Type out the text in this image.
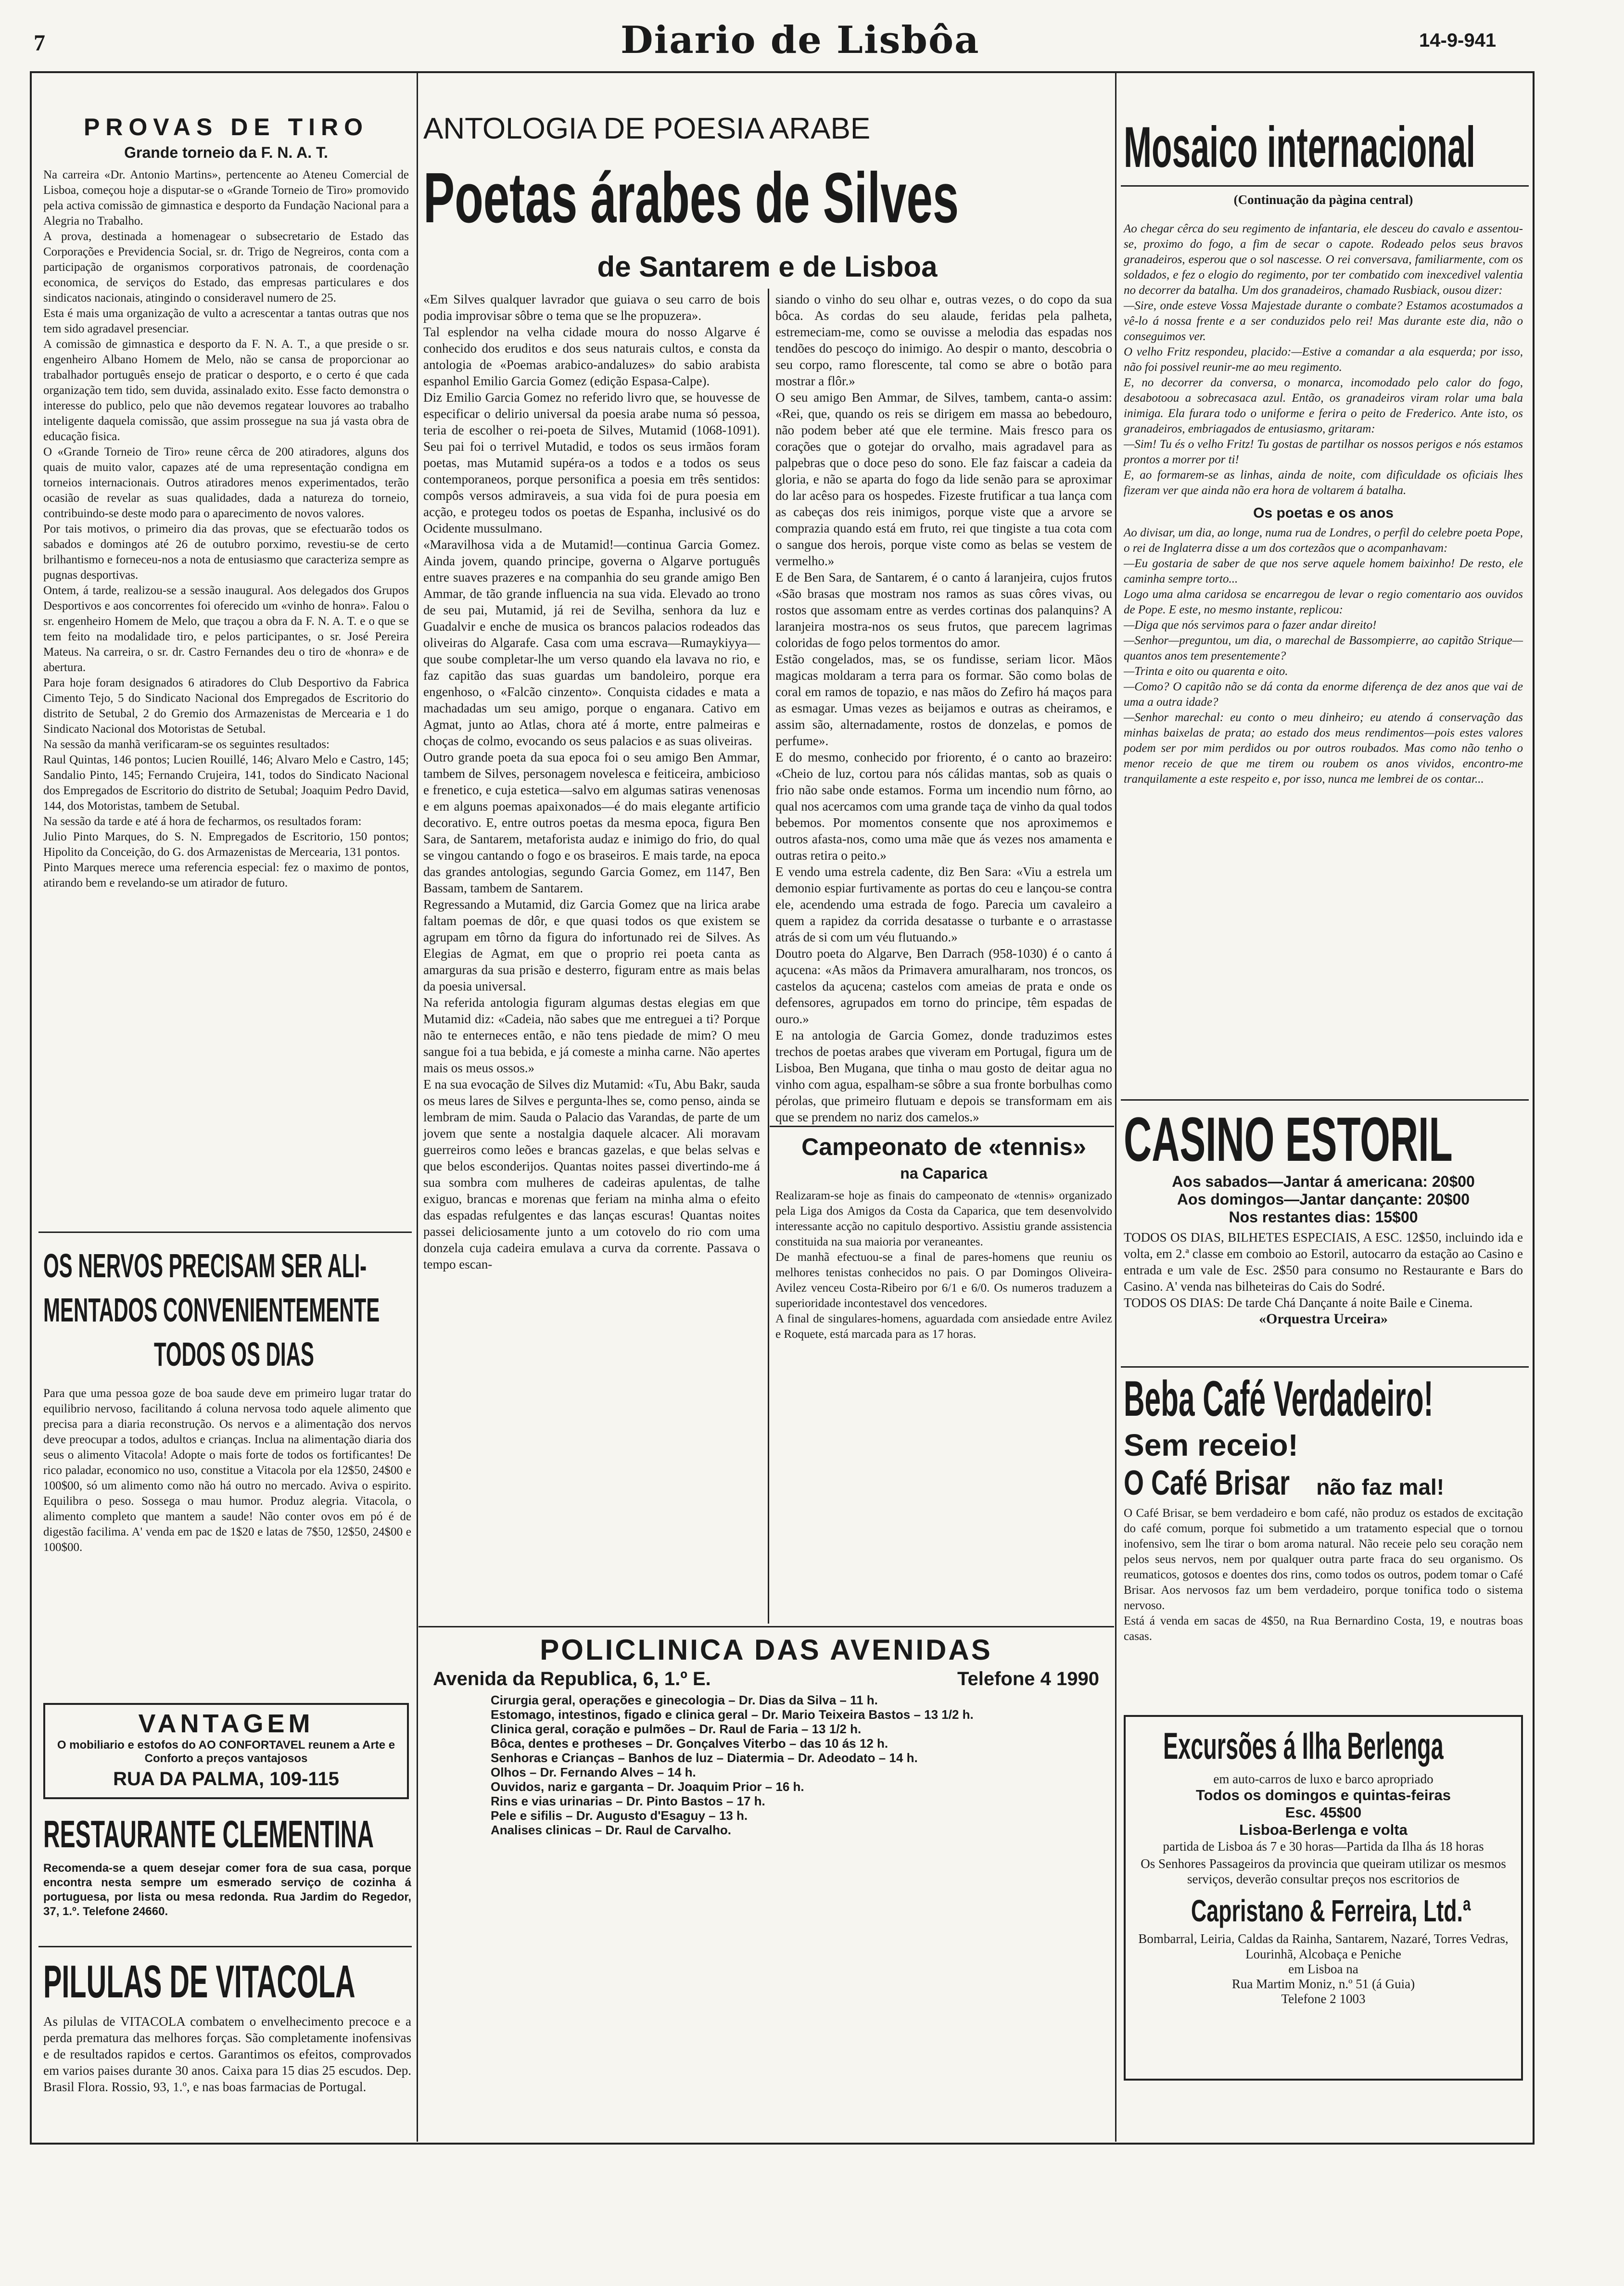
7	Diario de Lisbôa	14-9-941
PROVAS DE TIRO
Grande torneio da F. N. A. T.

Na carreira «Dr. Antonio Martins», pertencente ao Ateneu Comercial de Lisboa, começou hoje a disputar-se o «Grande Torneio de Tiro» promovido pela activa comissão de gimnastica e desporto da Fundação Nacional para a Alegria no Trabalho.

A prova, destinada a homenagear o subsecretario de Estado das Corporações e Previdencia Social, sr. dr. Trigo de Negreiros, conta com a participação de organismos corporativos patronais, de coordenação economica, de serviços do Estado, das empresas particulares e dos sindicatos nacionais, atingindo o consideravel numero de 25.

Esta é mais uma organização de vulto a acrescentar a tantas outras que nos tem sido agradavel presenciar.

A comissão de gimnastica e desporto da F. N. A. T., a que preside o sr. engenheiro Albano Homem de Melo, não se cansa de proporcionar ao trabalhador português ensejo de praticar o desporto, e o certo é que cada organização tem tido, sem duvida, assinalado exito. Esse facto demonstra o interesse do publico, pelo que não devemos regatear louvores ao trabalho inteligente daquela comissão, que assim prossegue na sua já vasta obra de educação fisica.

O «Grande Torneio de Tiro» reune cêrca de 200 atiradores, alguns dos quais de muito valor, capazes até de uma representação condigna em torneios internacionais. Outros atiradores menos experimentados, terão ocasião de revelar as suas qualidades, dada a natureza do torneio, contribuindo-se deste modo para o aparecimento de novos valores.

Por tais motivos, o primeiro dia das provas, que se efectuarão todos os sabados e domingos até 26 de outubro porximo, revestiu-se de certo brilhantismo e forneceu-nos a nota de entusiasmo que caracteriza sempre as pugnas desportivas.

Ontem, á tarde, realizou-se a sessão inaugural. Aos delegados dos Grupos Desportivos e aos concorrentes foi oferecido um «vinho de honra». Falou o sr. engenheiro Homem de Melo, que traçou a obra da F. N. A. T. e o que se tem feito na modalidade tiro, e pelos participantes, o sr. José Pereira Mateus. Na carreira, o sr. dr. Castro Fernandes deu o tiro de «honra» e de abertura.

Para hoje foram designados 6 atiradores do Club Desportivo da Fabrica Cimento Tejo, 5 do Sindicato Nacional dos Empregados de Escritorio do distrito de Setubal, 2 do Gremio dos Armazenistas de Mercearia e 1 do Sindicato Nacional dos Motoristas de Setubal.

Na sessão da manhã verificaram-se os seguintes resultados:

Raul Quintas, 146 pontos; Lucien Rouillé, 146; Alvaro Melo e Castro, 145; Sandalio Pinto, 145; Fernando Crujeira, 141, todos do Sindicato Nacional dos Empregados de Escritorio do distrito de Setubal; Joaquim Pedro David, 144, dos Motoristas, tambem de Setubal.

Na sessão da tarde e até á hora de fecharmos, os resultados foram:

Julio Pinto Marques, do S. N. Empregados de Escritorio, 150 pontos; Hipolito da Conceição, do G. dos Armazenistas de Mercearia, 131 pontos.

Pinto Marques merece uma referencia especial: fez o maximo de pontos, atirando bem e revelando-se um atirador de futuro.

OS NERVOS PRECISAM SER ALI-
MENTADOS CONVENIENTEMENTE
TODOS OS DIAS

Para que uma pessoa goze de boa saude deve em primeiro lugar tratar do equilibrio nervoso, facilitando á coluna nervosa todo aquele alimento que precisa para a diaria reconstrução. Os nervos e a alimentação dos nervos deve preocupar a todos, adultos e crianças. Inclua na alimentação diaria dos seus o alimento Vitacola! Adopte o mais forte de todos os fortificantes! De rico paladar, economico no uso, constitue a Vitacola por ela 12$50, 24$00 e 100$00, só um alimento como não há outro no mercado. Aviva o espirito. Equilibra o peso. Sossega o mau humor. Produz alegria. Vitacola, o alimento completo que mantem a saude! Não conter ovos em pó é de digestão facilima. A' venda em pac de 1$20 e latas de 7$50, 12$50, 24$00 e 100$00.

VANTAGEM
O mobiliario e estofos do AO CONFORTAVEL reunem a Arte e Conforto a preços vantajosos
RUA DA PALMA, 109-115
RESTAURANTE CLEMENTINA

Recomenda-se a quem desejar comer fora de sua casa, porque encontra nesta sempre um esmerado serviço de cozinha á portuguesa, por lista ou mesa redonda. Rua Jardim do Regedor, 37, 1.º. Telefone 24660.

PILULAS DE VITACOLA

As pilulas de VITACOLA combatem o envelhecimento precoce e a perda prematura das melhores forças. São completamente inofensivas e de resultados rapidos e certos. Garantimos os efeitos, comprovados em varios paises durante 30 anos. Caixa para 15 dias 25 escudos. Dep. Brasil Flora. Rossio, 93, 1.º, e nas boas farmacias de Portugal.

ANTOLOGIA DE POESIA ARABE
Poetas árabes de Silves
de Santarem e de Lisboa

«Em Silves qualquer lavrador que guiava o seu carro de bois podia improvisar sôbre o tema que se lhe propuzera».

Tal esplendor na velha cidade moura do nosso Algarve é conhecido dos eruditos e dos seus naturais cultos, e consta da antologia de «Poemas arabico-andaluzes» do sabio arabista espanhol Emilio Garcia Gomez (edição Espasa-Calpe).

Diz Emilio Garcia Gomez no referido livro que, se houvesse de especificar o delirio universal da poesia arabe numa só pessoa, teria de escolher o rei-poeta de Silves, Mutamid (1068-1091). Seu pai foi o terrivel Mutadid, e todos os seus irmãos foram poetas, mas Mutamid supéra-os a todos e a todos os seus contemporaneos, porque personifica a poesia em três sentidos: compôs versos admiraveis, a sua vida foi de pura poesia em acção, e protegeu todos os poetas de Espanha, inclusivé os do Ocidente mussulmano.

«Maravilhosa vida a de Mutamid!—continua Garcia Gomez. Ainda jovem, quando principe, governa o Algarve português entre suaves prazeres e na companhia do seu grande amigo Ben Ammar, de tão grande influencia na sua vida. Elevado ao trono de seu pai, Mutamid, já rei de Sevilha, senhora da luz e Guadalvir e enche de musica os brancos palacios rodeados das oliveiras do Algarafe. Casa com uma escrava—Rumaykiyya—que soube completar-lhe um verso quando ela lavava no rio, e faz capitão das suas guardas um bandoleiro, porque era engenhoso, o «Falcão cinzento». Conquista cidades e mata a machadadas um seu amigo, porque o enganara. Cativo em Agmat, junto ao Atlas, chora até á morte, entre palmeiras e choças de colmo, evocando os seus palacios e as suas oliveiras.

Outro grande poeta da sua epoca foi o seu amigo Ben Ammar, tambem de Silves, personagem novelesca e feiticeira, ambicioso e frenetico, e cuja estetica—salvo em algumas satiras venenosas e em alguns poemas apaixonados—é do mais elegante artificio decorativo. E, entre outros poetas da mesma epoca, figura Ben Sara, de Santarem, metaforista audaz e inimigo do frio, do qual se vingou cantando o fogo e os braseiros. E mais tarde, na epoca das grandes antologias, segundo Garcia Gomez, em 1147, Ben Bassam, tambem de Santarem.

Regressando a Mutamid, diz Garcia Gomez que na lirica arabe faltam poemas de dôr, e que quasi todos os que existem se agrupam em tôrno da figura do infortunado rei de Silves. As Elegias de Agmat, em que o proprio rei poeta canta as amarguras da sua prisão e desterro, figuram entre as mais belas da poesia universal.

Na referida antologia figuram algumas destas elegias em que Mutamid diz: «Cadeia, não sabes que me entreguei a ti? Porque não te enterneces então, e não tens piedade de mim? O meu sangue foi a tua bebida, e já comeste a minha carne. Não apertes mais os meus ossos.»

E na sua evocação de Silves diz Mutamid: «Tu, Abu Bakr, sauda os meus lares de Silves e pergunta-lhes se, como penso, ainda se lembram de mim. Sauda o Palacio das Varandas, de parte de um jovem que sente a nostalgia daquele alcacer. Ali moravam guerreiros como leões e brancas gazelas, e que belas selvas e que belos esconderijos. Quantas noites passei divertindo-me á sua sombra com mulheres de cadeiras apulentas, de talhe exiguo, brancas e morenas que feriam na minha alma o efeito das espadas refulgentes e das lanças escuras! Quantas noites passei deliciosamente junto a um cotovelo do rio com uma donzela cuja cadeira emulava a curva da corrente. Passava o tempo escan-

siando o vinho do seu olhar e, outras vezes, o do copo da sua bôca. As cordas do seu alaude, feridas pela palheta, estremeciam-me, como se ouvisse a melodia das espadas nos tendões do pescoço do inimigo. Ao despir o manto, descobria o seu corpo, ramo florescente, tal como se abre o botão para mostrar a flôr.»

O seu amigo Ben Ammar, de Silves, tambem, canta-o assim: «Rei, que, quando os reis se dirigem em massa ao bebedouro, não podem beber até que ele termine. Mais fresco para os corações que o gotejar do orvalho, mais agradavel para as palpebras que o doce peso do sono. Ele faz faiscar a cadeia da gloria, e não se aparta do fogo da lide senão para se aproximar do lar acêso para os hospedes. Fizeste frutificar a tua lança com as cabeças dos reis inimigos, porque viste que a arvore se comprazia quando está em fruto, rei que tingiste a tua cota com o sangue dos herois, porque viste como as belas se vestem de vermelho.»

E de Ben Sara, de Santarem, é o canto á laranjeira, cujos frutos «São brasas que mostram nos ramos as suas côres vivas, ou rostos que assomam entre as verdes cortinas dos palanquins? A laranjeira mostra-nos os seus frutos, que parecem lagrimas coloridas de fogo pelos tormentos do amor.

Estão congelados, mas, se os fundisse, seriam licor. Mãos magicas moldaram a terra para os formar. São como bolas de coral em ramos de topazio, e nas mãos do Zefiro há maços para as esmagar. Umas vezes as beijamos e outras as cheiramos, e assim são, alternadamente, rostos de donzelas, e pomos de perfume».

E do mesmo, conhecido por friorento, é o canto ao brazeiro: «Cheio de luz, cortou para nós cálidas mantas, sob as quais o frio não sabe onde estamos. Forma um incendio num fôrno, ao qual nos acercamos com uma grande taça de vinho da qual todos bebemos. Por momentos consente que nos aproximemos e outros afasta-nos, como uma mãe que ás vezes nos amamenta e outras retira o peito.»

E vendo uma estrela cadente, diz Ben Sara: «Viu a estrela um demonio espiar furtivamente as portas do ceu e lançou-se contra ele, acendendo uma estrada de fogo. Parecia um cavaleiro a quem a rapidez da corrida desatasse o turbante e o arrastasse atrás de si com um véu flutuando.»

Doutro poeta do Algarve, Ben Darrach (958-1030) é o canto á açucena: «As mãos da Primavera amuralharam, nos troncos, os castelos da açucena; castelos com ameias de prata e onde os defensores, agrupados em torno do principe, têm espadas de ouro.»

E na antologia de Garcia Gomez, donde traduzimos estes trechos de poetas arabes que viveram em Portugal, figura um de Lisboa, Ben Mugana, que tinha o mau gosto de deitar agua no vinho com agua, espalham-se sôbre a sua fronte borbulhas como pérolas, que primeiro flutuam e depois se transformam em ais que se prendem no nariz dos camelos.»

Campeonato de «tennis»
na Caparica

Realizaram-se hoje as finais do campeonato de «tennis» organizado pela Liga dos Amigos da Costa da Caparica, que tem desenvolvido interessante acção no capitulo desportivo. Assistiu grande assistencia constituida na sua maioria por veraneantes.

De manhã efectuou-se a final de pares-homens que reuniu os melhores tenistas conhecidos no pais. O par Domingos Oliveira-Avilez venceu Costa-Ribeiro por 6/1 e 6/0. Os numeros traduzem a superioridade incontestavel dos vencedores.

A final de singulares-homens, aguardada com ansiedade entre Avilez e Roquete, está marcada para as 17 horas.

POLICLINICA DAS AVENIDAS
Avenida da Republica, 6, 1.º E.	Telefone 4 1990
Cirurgia geral, operações e ginecologia – Dr. Dias da Silva – 11 h.
Estomago, intestinos, figado e clinica geral – Dr. Mario Teixeira Bastos – 13 1/2 h.
Clinica geral, coração e pulmões – Dr. Raul de Faria – 13 1/2 h.
Bôca, dentes e protheses – Dr. Gonçalves Viterbo – das 10 ás 12 h.
Senhoras e Crianças – Banhos de luz – Diatermia – Dr. Adeodato – 14 h.
Olhos – Dr. Fernando Alves – 14 h.
Ouvidos, nariz e garganta – Dr. Joaquim Prior – 16 h.
Rins e vias urinarias – Dr. Pinto Bastos – 17 h.
Pele e sifilis – Dr. Augusto d'Esaguy – 13 h.
Analises clinicas – Dr. Raul de Carvalho.
Mosaico internacional
(Continuação da pàgina central)

Ao chegar cêrca do seu regimento de infantaria, ele desceu do cavalo e assentou-se, proximo do fogo, a fim de secar o capote. Rodeado pelos seus bravos granadeiros, esperou que o sol nascesse. O rei conversava, familiarmente, com os soldados, e fez o elogio do regimento, por ter combatido com inexcedivel valentia no decorrer da batalha. Um dos granadeiros, chamado Rusbiack, ousou dizer:

—Sire, onde esteve Vossa Majestade durante o combate? Estamos acostumados a vê-lo á nossa frente e a ser conduzidos pelo rei! Mas durante este dia, não o conseguimos ver.

O velho Fritz respondeu, placido:—Estive a comandar a ala esquerda; por isso, não foi possivel reunir-me ao meu regimento.

E, no decorrer da conversa, o monarca, incomodado pelo calor do fogo, desabotoou a sobrecasaca azul. Então, os granadeiros viram rolar uma bala inimiga. Ela furara todo o uniforme e ferira o peito de Frederico. Ante isto, os granadeiros, embriagados de entusiasmo, gritaram:

—Sim! Tu és o velho Fritz! Tu gostas de partilhar os nossos perigos e nós estamos prontos a morrer por ti!

E, ao formarem-se as linhas, ainda de noite, com dificuldade os oficiais lhes fizeram ver que ainda não era hora de voltarem á batalha.

Os poetas e os anos

Ao divisar, um dia, ao longe, numa rua de Londres, o perfil do celebre poeta Pope, o rei de Inglaterra disse a um dos cortezãos que o acompanhavam:

—Eu gostaria de saber de que nos serve aquele homem baixinho! De resto, ele caminha sempre torto...

Logo uma alma caridosa se encarregou de levar o regio comentario aos ouvidos de Pope. E este, no mesmo instante, replicou:

—Diga que nós servimos para o fazer andar direito!

—Senhor—preguntou, um dia, o marechal de Bassompierre, ao capitão Strique—quantos anos tem presentemente?

—Trinta e oito ou quarenta e oito.

—Como? O capitão não se dá conta da enorme diferença de dez anos que vai de uma a outra idade?

—Senhor marechal: eu conto o meu dinheiro; eu atendo á conservação das minhas baixelas de prata; ao estado dos meus rendimentos—pois estes valores podem ser por mim perdidos ou por outros roubados. Mas como não tenho o menor receio de que me tirem ou roubem os anos vividos, encontro-me tranquilamente a este respeito e, por isso, nunca me lembrei de os contar...

CASINO ESTORIL
Aos sabados—Jantar á americana: 20$00
Aos domingos—Jantar dançante: 20$00
Nos restantes dias: 15$00

TODOS OS DIAS, BILHETES ESPECIAIS, A ESC. 12$50, incluindo ida e volta, em 2.ª classe em comboio ao Estoril, autocarro da estação ao Casino e entrada e um vale de Esc. 2$50 para consumo no Restaurante e Bars do Casino. A' venda nas bilheteiras do Cais do Sodré.

TODOS OS DIAS: De tarde Chá Dançante á noite Baile e Cinema.

«Orquestra Urceira»
Beba Café Verdadeiro!
Sem receio!
O Café Brisar não faz mal!

O Café Brisar, se bem verdadeiro e bom café, não produz os estados de excitação do café comum, porque foi submetido a um tratamento especial que o tornou inofensivo, sem lhe tirar o bom aroma natural. Não receie pelo seu coração nem pelos seus nervos, nem por qualquer outra parte fraca do seu organismo. Os reumaticos, gotosos e doentes dos rins, como todos os outros, podem tomar o Café Brisar. Aos nervosos faz um bem verdadeiro, porque tonifica todo o sistema nervoso.

Está á venda em sacas de 4$50, na Rua Bernardino Costa, 19, e noutras boas casas.

Excursões á Ilha Berlenga
em auto-carros de luxo e barco apropriado
Todos os domingos e quintas-feiras
Esc. 45$00
Lisboa-Berlenga e volta
partida de Lisboa ás 7 e 30 horas—Partida da Ilha ás 18 horas
Os Senhores Passageiros da provincia que queiram utilizar os mesmos serviços, deverão consultar preços nos escritorios de
Capristano & Ferreira, Ltd.ª
Bombarral, Leiria, Caldas da Rainha, Santarem, Nazaré, Torres Vedras, Lourinhã, Alcobaça e Peniche
em Lisboa na
Rua Martim Moniz, n.º 51 (á Guia)
Telefone 2 1003
